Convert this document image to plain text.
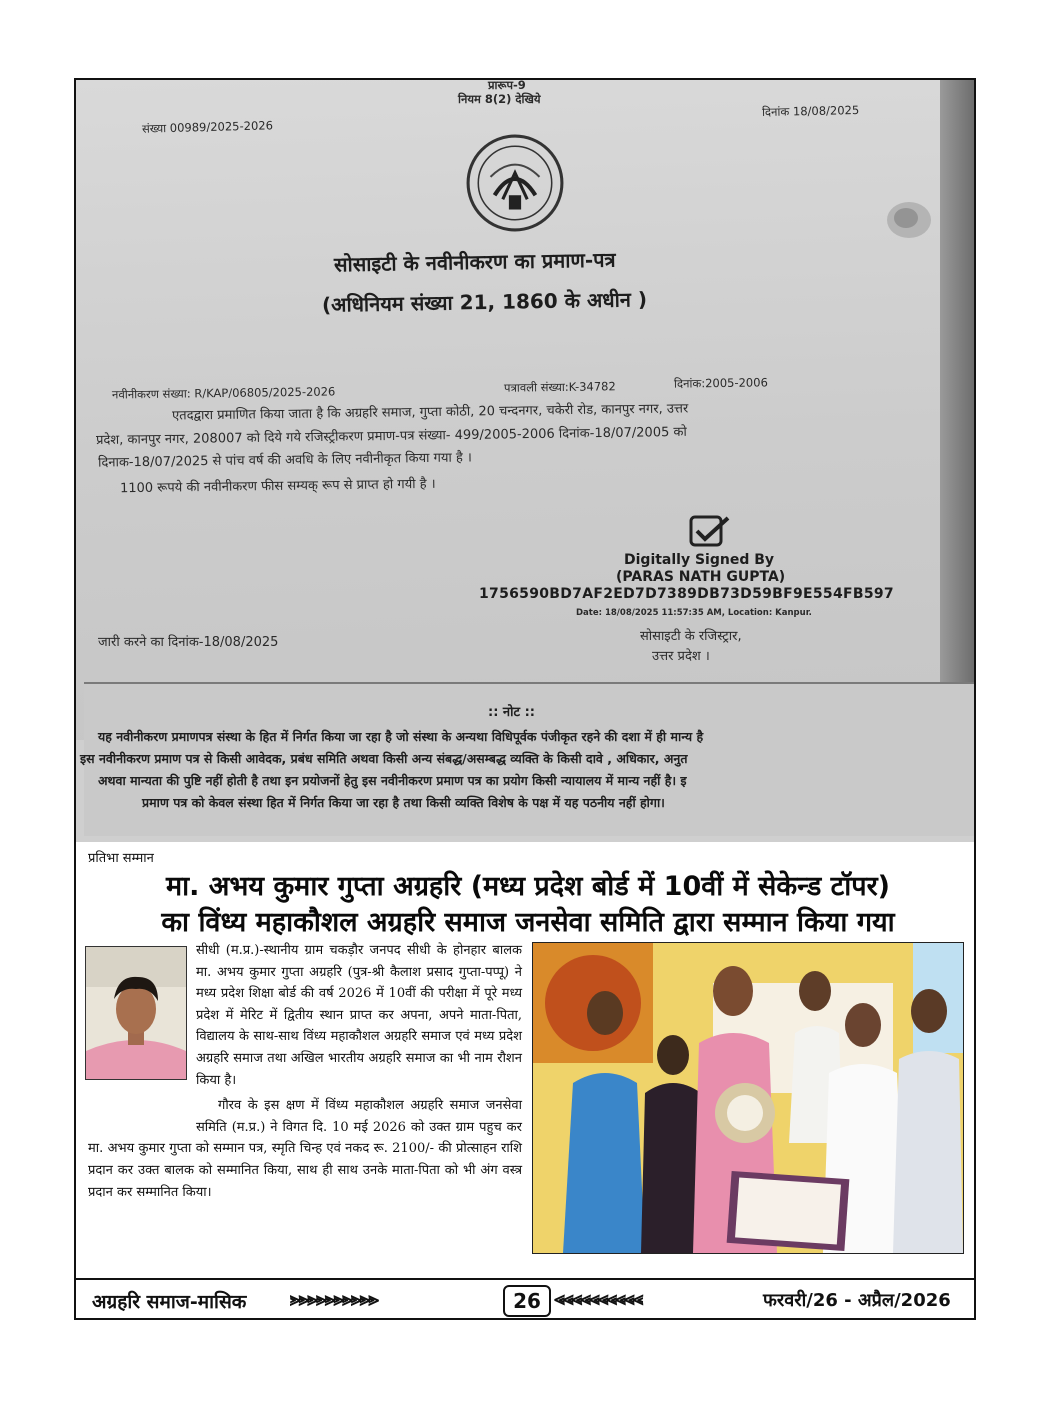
प्रारूप-9
नियम 8(2) देखिये
संख्या 00989/2025-2026
दिनांक 18/08/2025
सोसाइटी के नवीनीकरण का प्रमाण-पत्र
(अधिनियम संख्या 21, 1860 के अधीन )
नवीनीकरण संख्या: R/KAP/06805/2025-2026	पत्रावली संख्या:K-34782	दिनांक:2005-2006
एतदद्वारा प्रमाणित किया जाता है कि अग्रहरि समाज, गुप्ता कोठी, 20 चन्दनगर, चकेरी रोड, कानपुर नगर, उत्तर
प्रदेश, कानपुर नगर, 208007 को दिये गये रजिस्ट्रीकरण प्रमाण-पत्र संख्या- 499/2005-2006 दिनांक-18/07/2005 को
दिनाक-18/07/2025 से पांच वर्ष की अवधि के लिए नवीनीकृत किया गया है ।
1100 रूपये की नवीनीकरण फीस सम्यक् रूप से प्राप्त हो गयी है ।
Digitally Signed By
(PARAS NATH GUPTA)
1756590BD7AF2ED7D7389DB73D59BF9E554FB597
Date: 18/08/2025 11:57:35 AM, Location: Kanpur.
सोसाइटी के रजिस्ट्रार,
उत्तर प्रदेश ।
जारी करने का दिनांक-18/08/2025
:: नोट ::
यह नवीनीकरण प्रमाणपत्र संस्था के हित में निर्गत किया जा रहा है जो संस्था के अन्यथा विधिपूर्वक पंजीकृत रहने की दशा में ही मान्य है
इस नवीनीकरण प्रमाण पत्र से किसी आवेदक, प्रबंध समिति अथवा किसी अन्य संबद्ध/असम्बद्ध व्यक्ति के किसी दावे , अधिकार, अनुत
अथवा मान्यता की पुष्टि नहीं होती है तथा इन प्रयोजनों हेतु इस नवीनीकरण प्रमाण पत्र का प्रयोग किसी न्यायालय में मान्य नहीं है। इ
प्रमाण पत्र को केवल संस्था हित में निर्गत किया जा रहा है तथा किसी व्यक्ति विशेष के पक्ष में यह पठनीय नहीं होगा।
प्रतिभा सम्मान
मा. अभय कुमार गुप्ता अग्रहरि (मध्य प्रदेश बोर्ड में 10वीं में सेकेन्ड टॉपर)
का विंध्य महाकौशल अग्रहरि समाज जनसेवा समिति द्वारा सम्मान किया गया

सीधी (म.प्र.)-स्थानीय ग्राम चकड़ौर जनपद सीधी के होनहार बालक मा. अभय कुमार गुप्ता अग्रहरि (पुत्र-श्री कैलाश प्रसाद गुप्ता-पप्पू) ने मध्य प्रदेश शिक्षा बोर्ड की वर्ष 2026 में 10वीं की परीक्षा में पूरे मध्य प्रदेश में मेरिट में द्वितीय स्थान प्राप्त कर अपना, अपने माता-पिता, विद्यालय के साथ-साथ विंध्य महाकौशल अग्रहरि समाज एवं मध्य प्रदेश अग्रहरि समाज तथा अखिल भारतीय अग्रहरि समाज का भी नाम रौशन किया है।

गौरव के इस क्षण में विंध्य महाकौशल अग्रहरि समाज जनसेवा समिति (म.प्र.) ने विगत दि. 10 मई 2026 को उक्त ग्राम पहुच कर मा. अभय कुमार गुप्ता को सम्मान पत्र, स्मृति चिन्ह एवं नकद रू. 2100/- की प्रोत्साहन राशि प्रदान कर उक्त बालक को सम्मानित किया, साथ ही साथ उनके माता-पिता को भी अंग वस्त्र प्रदान कर सम्मानित किया।

अग्रहरि समाज-मासिक ⪢⪢⪢⪢⪢⪢⪢⪢⪢⪢	26 ⪡⪡⪡⪡⪡⪡⪡⪡⪡⪡	फरवरी/26 - अप्रैल/2026
